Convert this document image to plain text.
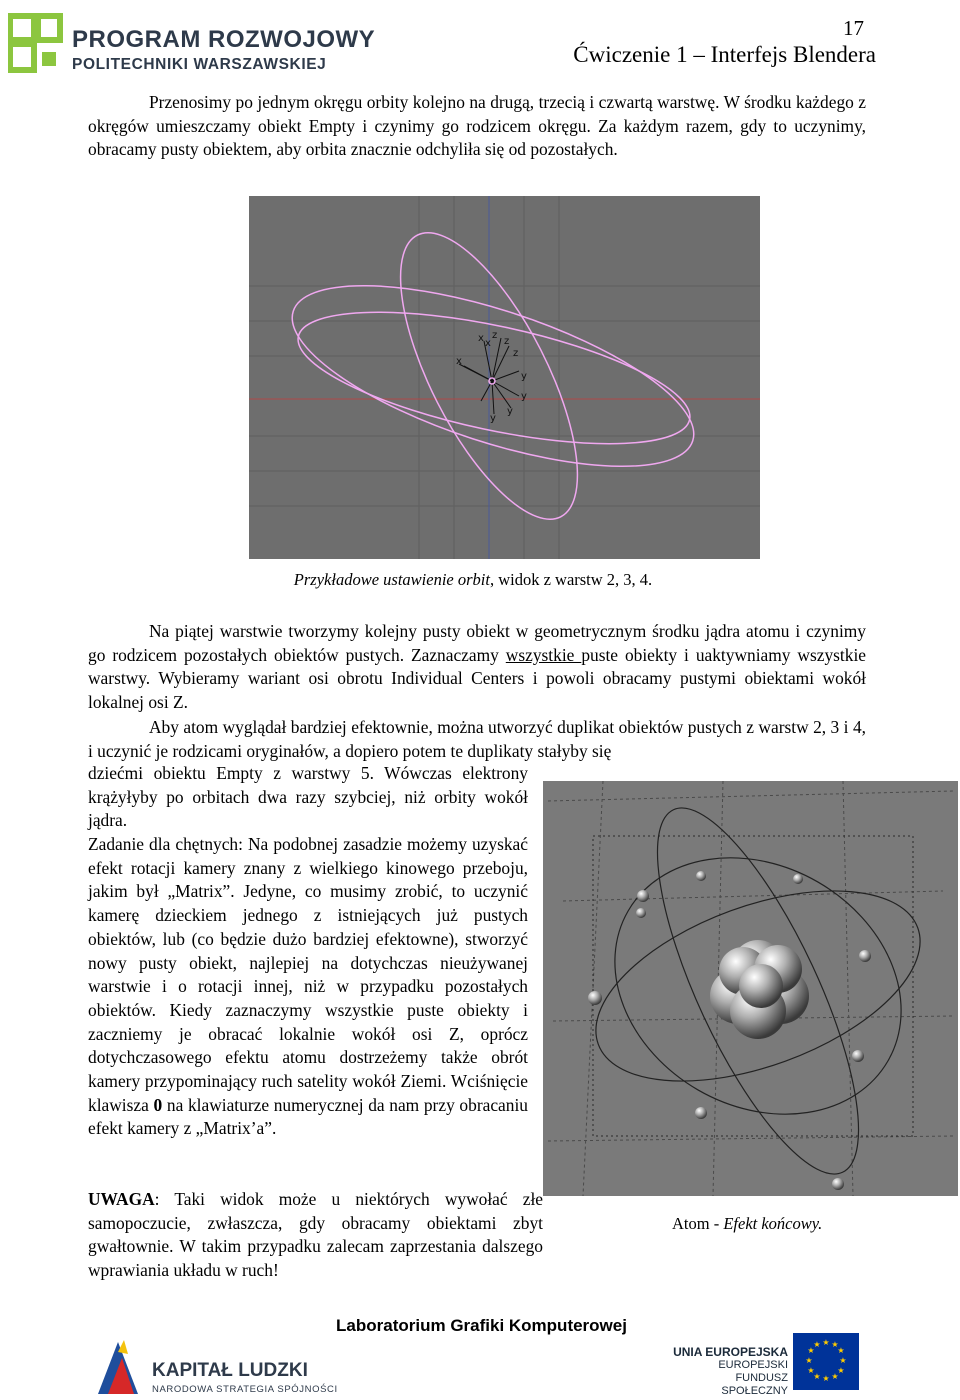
PROGRAM ROZWOJOWY
POLITECHNIKI WARSZAWSKIEJ
17
Ćwiczenie 1 – Interfejs Blendera

Przenosimy po jednym okręgu orbity kolejno na drugą, trzecią i czwartą warstwę. W środku każdego z okręgów umieszczamy obiekt Empty i czynimy go rodzicem okręgu. Za każdym razem, gdy to uczynimy, obracamy pusty obiektem, aby orbita znacznie odchyliła się od pozostałych.

x z
x
z
z
x
y
y
y
y
Przykładowe ustawienie orbit, widok z warstw 2, 3, 4.

Na piątej warstwie tworzymy kolejny pusty obiekt w geometrycznym środku jądra atomu i czynimy go rodzicem pozostałych obiektów pustych. Zaznaczamy wszystkie puste obiekty i uaktywniamy wszystkie warstwy. Wybieramy wariant osi obrotu Individual Centers i powoli obracamy pustymi obiektami wokół lokalnej osi Z.

Aby atom wyglądał bardziej efektownie, można utworzyć duplikat obiektów pustych z warstw 2, 3 i 4, i uczynić je rodzicami oryginałów, a dopiero potem te duplikaty stałyby się

dziećmi obiektu Empty z warstwy 5. Wówczas elektrony krążyłyby po orbitach dwa razy szybciej, niż orbity wokół jądra.

Zadanie dla chętnych: Na podobnej zasadzie możemy uzyskać efekt rotacji kamery znany z wielkiego kinowego przeboju, jakim był „Matrix”. Jedyne, co musimy zrobić, to uczynić kamerę dzieckiem jednego z istniejących już pustych obiektów, lub (co będzie dużo bardziej efektowne), stworzyć nowy pusty obiekt, najlepiej na dotychczas nieużywanej warstwie i o rotacji innej, niż w przypadku pozostałych obiektów. Kiedy zaznaczymy wszystkie puste obiekty i zaczniemy je obracać lokalnie wokół osi Z, oprócz dotychczasowego efektu atomu dostrzeżemy także obrót kamery przypominający ruch satelity wokół Ziemi. Wciśnięcie klawisza 0 na klawiaturze numerycznej da nam przy obracaniu efekt kamery z „Matrix’a”.

UWAGA: Taki widok może u niektórych wywołać złe samopoczucie, zwłaszcza, gdy obracamy obiektami zbyt gwałtownie. W takim przypadku zalecam zaprzestania dalszego wprawiania układu w ruch!

Atom - Efekt końcowy.
Laboratorium Grafiki Komputerowej
KAPITAŁ LUDZKI
NARODOWA STRATEGIA SPÓJNOŚCI
UNIA EUROPEJSKA
EUROPEJSKI
FUNDUSZ SPOŁECZNY
★ ★
★
★
★
★
★
★
★
★
★
★
